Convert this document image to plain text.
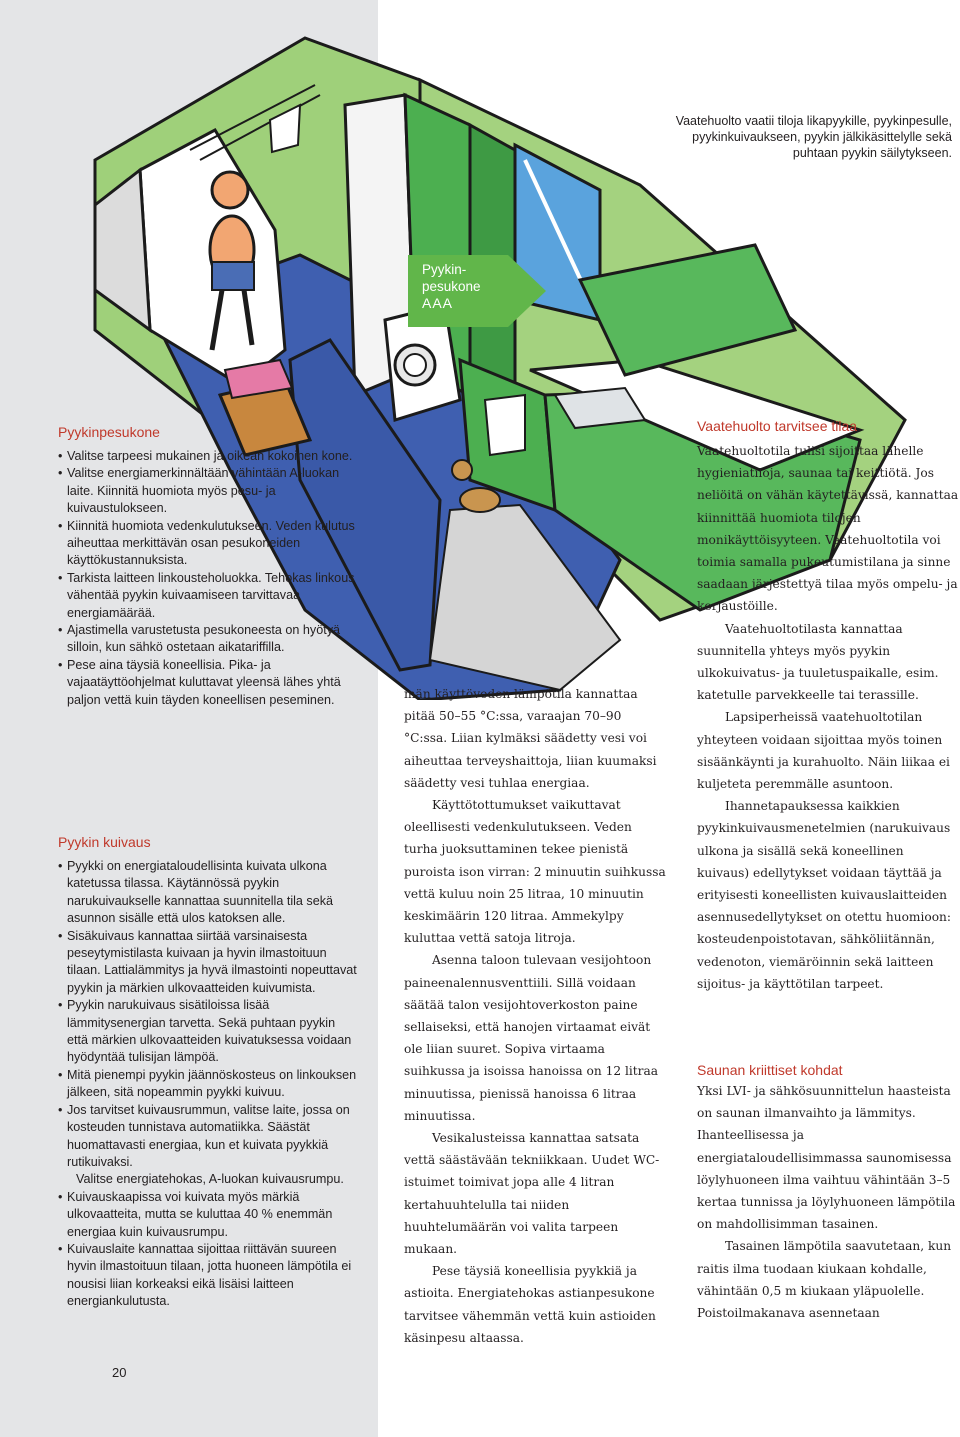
Vaatehuolto vaatii tiloja likapyykille, pyykinpesulle, pyykinkuivaukseen, pyykin jälkikäsittelylle sekä puhtaan pyykin säilytykseen.
Pyykin-
pesukone
AAA
Pyykinpesukone
• Valitse tarpeesi mukainen ja oikean kokoinen kone.
• Valitse energiamerkinnältään vähintään A-luokan laite. Kiinnitä huomiota myös pesu- ja kuivaustulokseen.
• Kiinnitä huomiota vedenkulutukseen. Veden kulutus aiheuttaa merkittävän osan pesukoneiden käyttökustannuksista.
• Tarkista laitteen linkousteholuokka. Tehokas linkous vähentää pyykin kuivaamiseen tarvittavaa energiamäärää.
• Ajastimella varustetusta pesukoneesta on hyötyä silloin, kun sähkö ostetaan aikatariffilla.
• Pese aina täysiä koneellisia. Pika- ja vajaatäyttöohjelmat kuluttavat yleensä lähes yhtä paljon vettä kuin täyden koneellisen peseminen.
Pyykin kuivaus
• Pyykki on energiataloudellisinta kuivata ulkona katetussa tilassa. Käytännössä pyykin narukuivaukselle kannattaa suunnitella tila sekä asunnon sisälle että ulos katoksen alle.
• Sisäkuivaus kannattaa siirtää varsinaisesta peseytymistilasta kuivaan ja hyvin ilmastoituun tilaan. Lattialämmitys ja hyvä ilmastointi nopeuttavat pyykin ja märkien ulkovaatteiden kuivumista.
• Pyykin narukuivaus sisätiloissa lisää lämmitysenergian tarvetta. Sekä puhtaan pyykin että märkien ulkovaatteiden kuivatuksessa voidaan hyödyntää tulisijan lämpöä.
• Mitä pienempi pyykin jäännöskosteus on linkouksen jälkeen, sitä nopeammin pyykki kuivuu.
• Jos tarvitset kuivausrummun, valitse laite, jossa on kosteuden tunnistava automatiikka. Säästät huomattavasti energiaa, kun et kuivata pyykkiä rutikuivaksi.

Valitse energiatehokas, A-luokan kuivausrumpu.

• Kuivauskaapissa voi kuivata myös märkiä ulkovaatteita, mutta se kuluttaa 40 % enemmän energiaa kuin kuivausrumpu.
• Kuivauslaite kannattaa sijoittaa riittävän suureen hyvin ilmastoituun tilaan, jotta huoneen lämpötila ei nousisi liian korkeaksi eikä lisäisi laitteen energiankulutusta.
20

män käyttöveden lämpötila kannattaa pitää 50–55 °C:ssa, varaajan 70–90 °C:ssa. Liian kylmäksi säädetty vesi voi aiheuttaa terveyshaittoja, liian kuumaksi säädetty vesi tuhlaa energiaa.

Käyttötottumukset vaikuttavat oleellisesti vedenkulutukseen. Veden turha juoksuttaminen tekee pienistä puroista ison virran: 2 minuutin suihkussa vettä kuluu noin 25 litraa, 10 minuutin keskimäärin 120 litraa. Ammekylpy kuluttaa vettä satoja litroja.

Asenna taloon tulevaan vesijohtoon paineenalennusventtiili. Sillä voidaan säätää talon vesijohtoverkoston paine sellaiseksi, että hanojen virtaamat eivät ole liian suuret. Sopiva virtaama suihkussa ja isoissa hanoissa on 12 litraa minuutissa, pienissä hanoissa 6 litraa minuutissa.

Vesikalusteissa kannattaa satsata vettä säästävään tekniikkaan. Uudet WC-istuimet toimivat jopa alle 4 litran kertahuuhtelulla tai niiden huuhtelumäärän voi valita tarpeen mukaan.

Pese täysiä koneellisia pyykkiä ja astioita. Energiatehokas astianpesukone tarvitsee vähemmän vettä kuin astioiden käsinpesu altaassa.

Vaatehuolto tarvitsee tilaa

Vaatehuoltotila tulisi sijoittaa lähelle hygieniatiloja, saunaa tai keittiötä. Jos neliöitä on vähän käytettävissä, kannattaa kiinnittää huomiota tilojen monikäyttöisyyteen. Vaatehuoltotila voi toimia samalla pukeutumistilana ja sinne saadaan järjestettyä tilaa myös ompelu- ja korjaustöille.

Vaatehuoltotilasta kannattaa suunnitella yhteys myös pyykin ulkokuivatus- ja tuuletuspaikalle, esim. katetulle parvekkeelle tai terassille.

Lapsiperheissä vaatehuoltotilan yhteyteen voidaan sijoittaa myös toinen sisäänkäynti ja kurahuolto. Näin liikaa ei kuljeteta peremmälle asuntoon.

Ihannetapauksessa kaikkien pyykinkuivausmenetelmien (narukuivaus ulkona ja sisällä sekä koneellinen kuivaus) edellytykset voidaan täyttää ja erityisesti koneellisten kuivauslaitteiden asennusedellytykset on otettu huomioon: kosteudenpoistotavan, sähköliitännän, vedenoton, viemäröinnin sekä laitteen sijoitus- ja käyttötilan tarpeet.

Saunan kriittiset kohdat

Yksi LVI- ja sähkösuunnittelun haasteista on saunan ilmanvaihto ja lämmitys. Ihanteellisessa ja energiataloudellisimmassa saunomisessa löylyhuoneen ilma vaihtuu vähintään 3–5 kertaa tunnissa ja löylyhuoneen lämpötila on mahdollisimman tasainen.

Tasainen lämpötila saavutetaan, kun raitis ilma tuodaan kiukaan kohdalle, vähintään 0,5 m kiukaan yläpuolelle. Poistoilmakanava asennetaan
